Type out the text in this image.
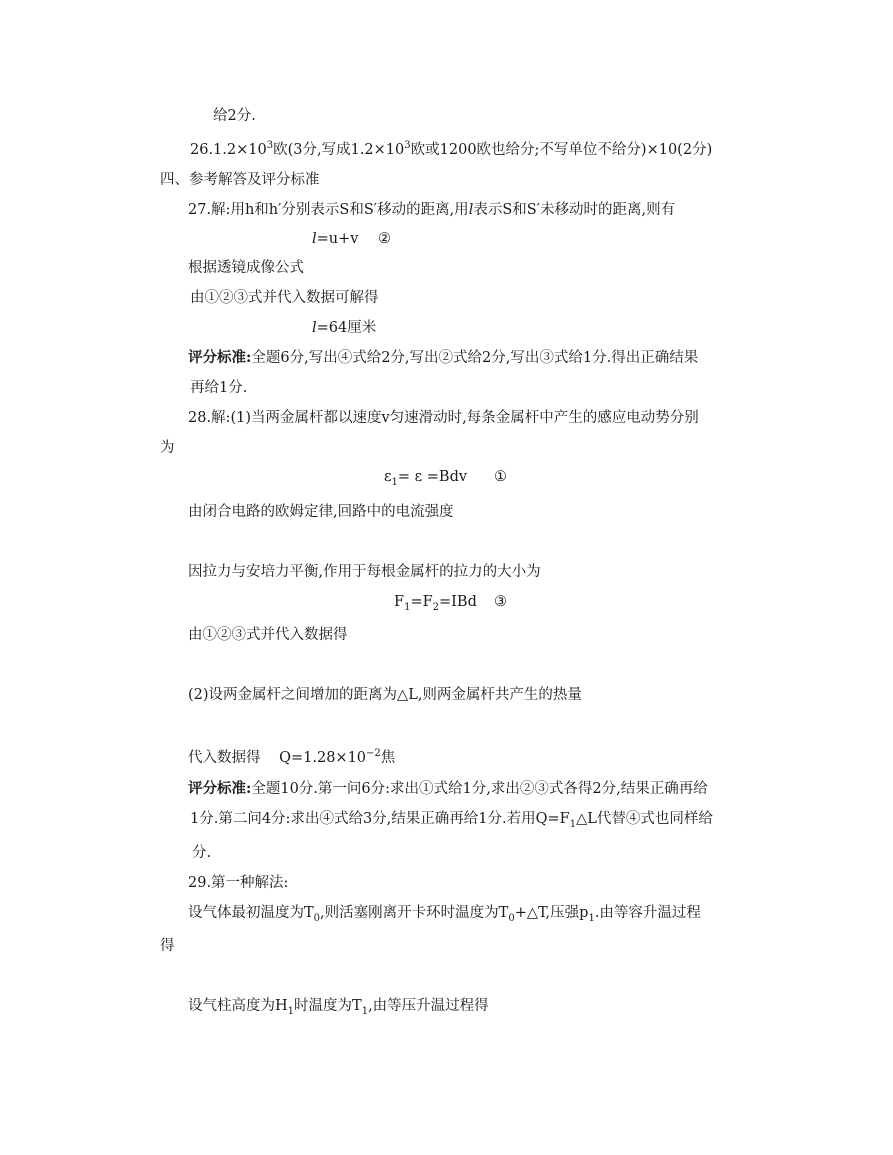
给2分.
$26.1.2\times 10^3$欧(3分,写成$1.2\times 10^3$欧或1200欧也给分;不写单位不给分)×10(2分)
四、参考解答及评分标准
27.解:用h和h′分别表示S和S′移动的距离,用l表示S和S′未移动时的距离,则有
l=u+v ②
根据透镜成像公式
由①②③式并代入数据可解得
l=64厘米
评分标准:全题6分,写出④式给2分,写出②式给2分,写出③式给1分.得出正确结果
再给1分.
28.解:(1)当两金属杆都以速度v匀速滑动时,每条金属杆中产生的感应电动势分别
为
$\varepsilon_1= \varepsilon =Bdv$ ①
由闭合电路的欧姆定律,回路中的电流强度
因拉力与安培力平衡,作用于每根金属杆的拉力的大小为
$F_1=F_2=IBd$ ③
由①②③式并代入数据得
(2)设两金属杆之间增加的距离为△L,则两金属杆共产生的热量
代入数据得 $Q=1.28\times 10^{-2}$焦
评分标准:全题10分.第一问6分:求出①式给1分,求出②③式各得2分,结果正确再给
1分.第二问4分:求出④式给3分,结果正确再给1分.若用$Q=F_1\triangle L$代替④式也同样给
分.
29.第一种解法:
设气体最初温度为$T_0$,则活塞刚离开卡环时温度为$T_0+\triangle T$,压强$p_1$.由等容升温过程
得
设气柱高度为$H_1$时温度为$T_1$,由等压升温过程得
